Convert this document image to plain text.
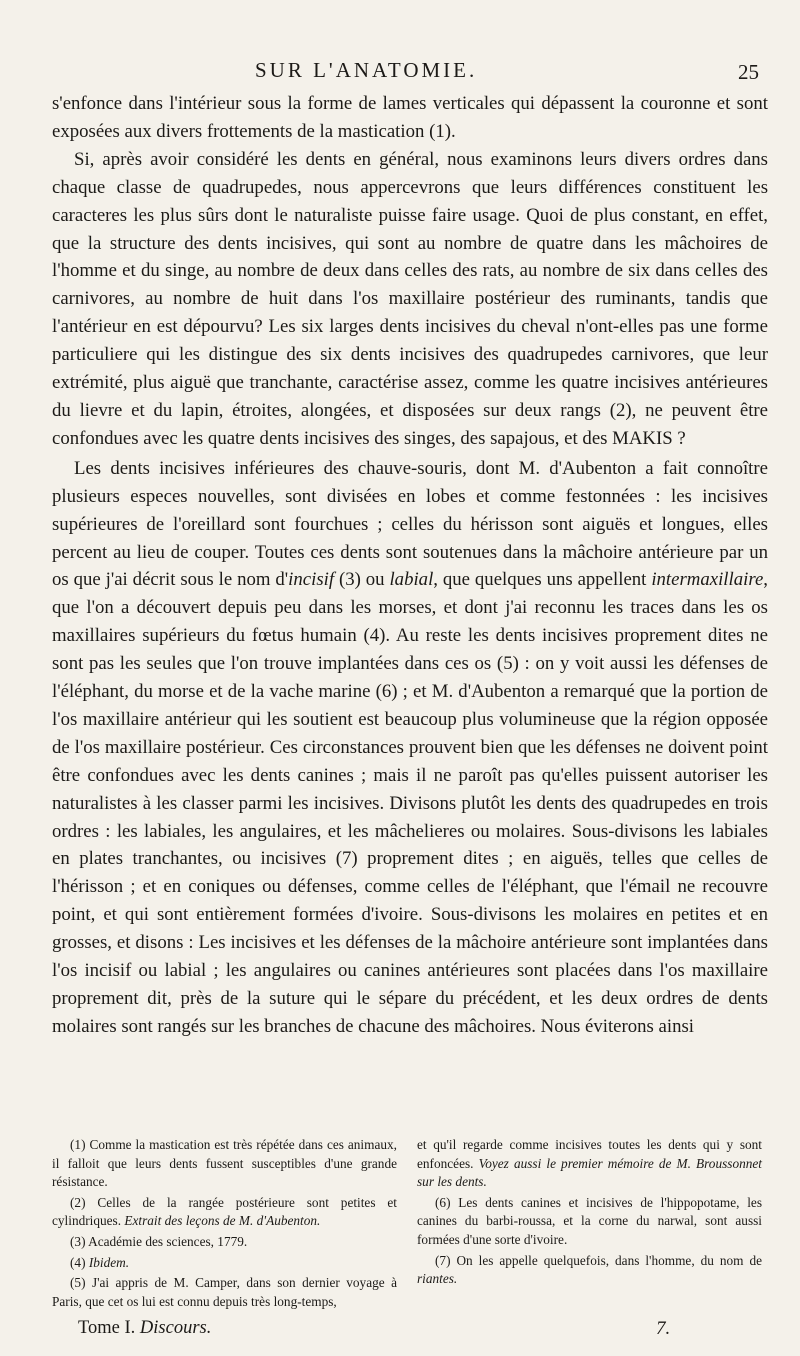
SUR L'ANATOMIE.	25

s'enfonce dans l'intérieur sous la forme de lames verticales qui dépassent la couronne et sont exposées aux divers frottements de la mastication (1).

Si, après avoir considéré les dents en général, nous examinons leurs divers ordres dans chaque classe de quadrupedes, nous appercevrons que leurs différences constituent les caracteres les plus sûrs dont le naturaliste puisse faire usage. Quoi de plus constant, en effet, que la structure des dents incisives, qui sont au nombre de quatre dans les mâchoires de l'homme et du singe, au nombre de deux dans celles des rats, au nombre de six dans celles des carnivores, au nombre de huit dans l'os maxillaire postérieur des ruminants, tandis que l'antérieur en est dépourvu? Les six larges dents incisives du cheval n'ont-elles pas une forme particuliere qui les distingue des six dents incisives des quadrupedes carnivores, que leur extrémité, plus aiguë que tranchante, caractérise assez, comme les quatre incisives antérieures du lievre et du lapin, étroites, alongées, et disposées sur deux rangs (2), ne peuvent être confondues avec les quatre dents incisives des singes, des sapajous, et des MAKIS ?

Les dents incisives inférieures des chauve-souris, dont M. d'Aubenton a fait connoître plusieurs especes nouvelles, sont divisées en lobes et comme festonnées : les incisives supérieures de l'oreillard sont fourchues ; celles du hérisson sont aiguës et longues, elles percent au lieu de couper. Toutes ces dents sont soutenues dans la mâchoire antérieure par un os que j'ai décrit sous le nom d'incisif (3) ou labial, que quelques uns appellent intermaxillaire, que l'on a découvert depuis peu dans les morses, et dont j'ai reconnu les traces dans les os maxillaires supérieurs du fœtus humain (4). Au reste les dents incisives proprement dites ne sont pas les seules que l'on trouve implantées dans ces os (5) : on y voit aussi les défenses de l'éléphant, du morse et de la vache marine (6) ; et M. d'Aubenton a remarqué que la portion de l'os maxillaire antérieur qui les soutient est beaucoup plus volumineuse que la région opposée de l'os maxillaire postérieur. Ces circonstances prouvent bien que les défenses ne doivent point être confondues avec les dents canines ; mais il ne paroît pas qu'elles puissent autoriser les naturalistes à les classer parmi les incisives. Divisons plutôt les dents des quadrupedes en trois ordres : les labiales, les angulaires, et les mâchelieres ou molaires. Sous-divisons les labiales en plates tranchantes, ou incisives (7) proprement dites ; en aiguës, telles que celles de l'hérisson ; et en coniques ou défenses, comme celles de l'éléphant, que l'émail ne recouvre point, et qui sont entièrement formées d'ivoire. Sous-divisons les molaires en petites et en grosses, et disons : Les incisives et les défenses de la mâchoire antérieure sont implantées dans l'os incisif ou labial ; les angulaires ou canines antérieures sont placées dans l'os maxillaire proprement dit, près de la suture qui le sépare du précédent, et les deux ordres de dents molaires sont rangés sur les branches de chacune des mâchoires. Nous éviterons ainsi

(1) Comme la mastication est très répétée dans ces animaux, il falloit que leurs dents fussent susceptibles d'une grande résistance.

(2) Celles de la rangée postérieure sont petites et cylindriques. Extrait des leçons de M. d'Aubenton.

(3) Académie des sciences, 1779.

(4) Ibidem.

(5) J'ai appris de M. Camper, dans son dernier voyage à Paris, que cet os lui est connu depuis très long-temps,

et qu'il regarde comme incisives toutes les dents qui y sont enfoncées. Voyez aussi le premier mémoire de M. Broussonnet sur les dents.

(6) Les dents canines et incisives de l'hippopotame, les canines du barbi-roussa, et la corne du narwal, sont aussi formées d'une sorte d'ivoire.

(7) On les appelle quelquefois, dans l'homme, du nom de riantes.

Tome I. Discours.	7.
